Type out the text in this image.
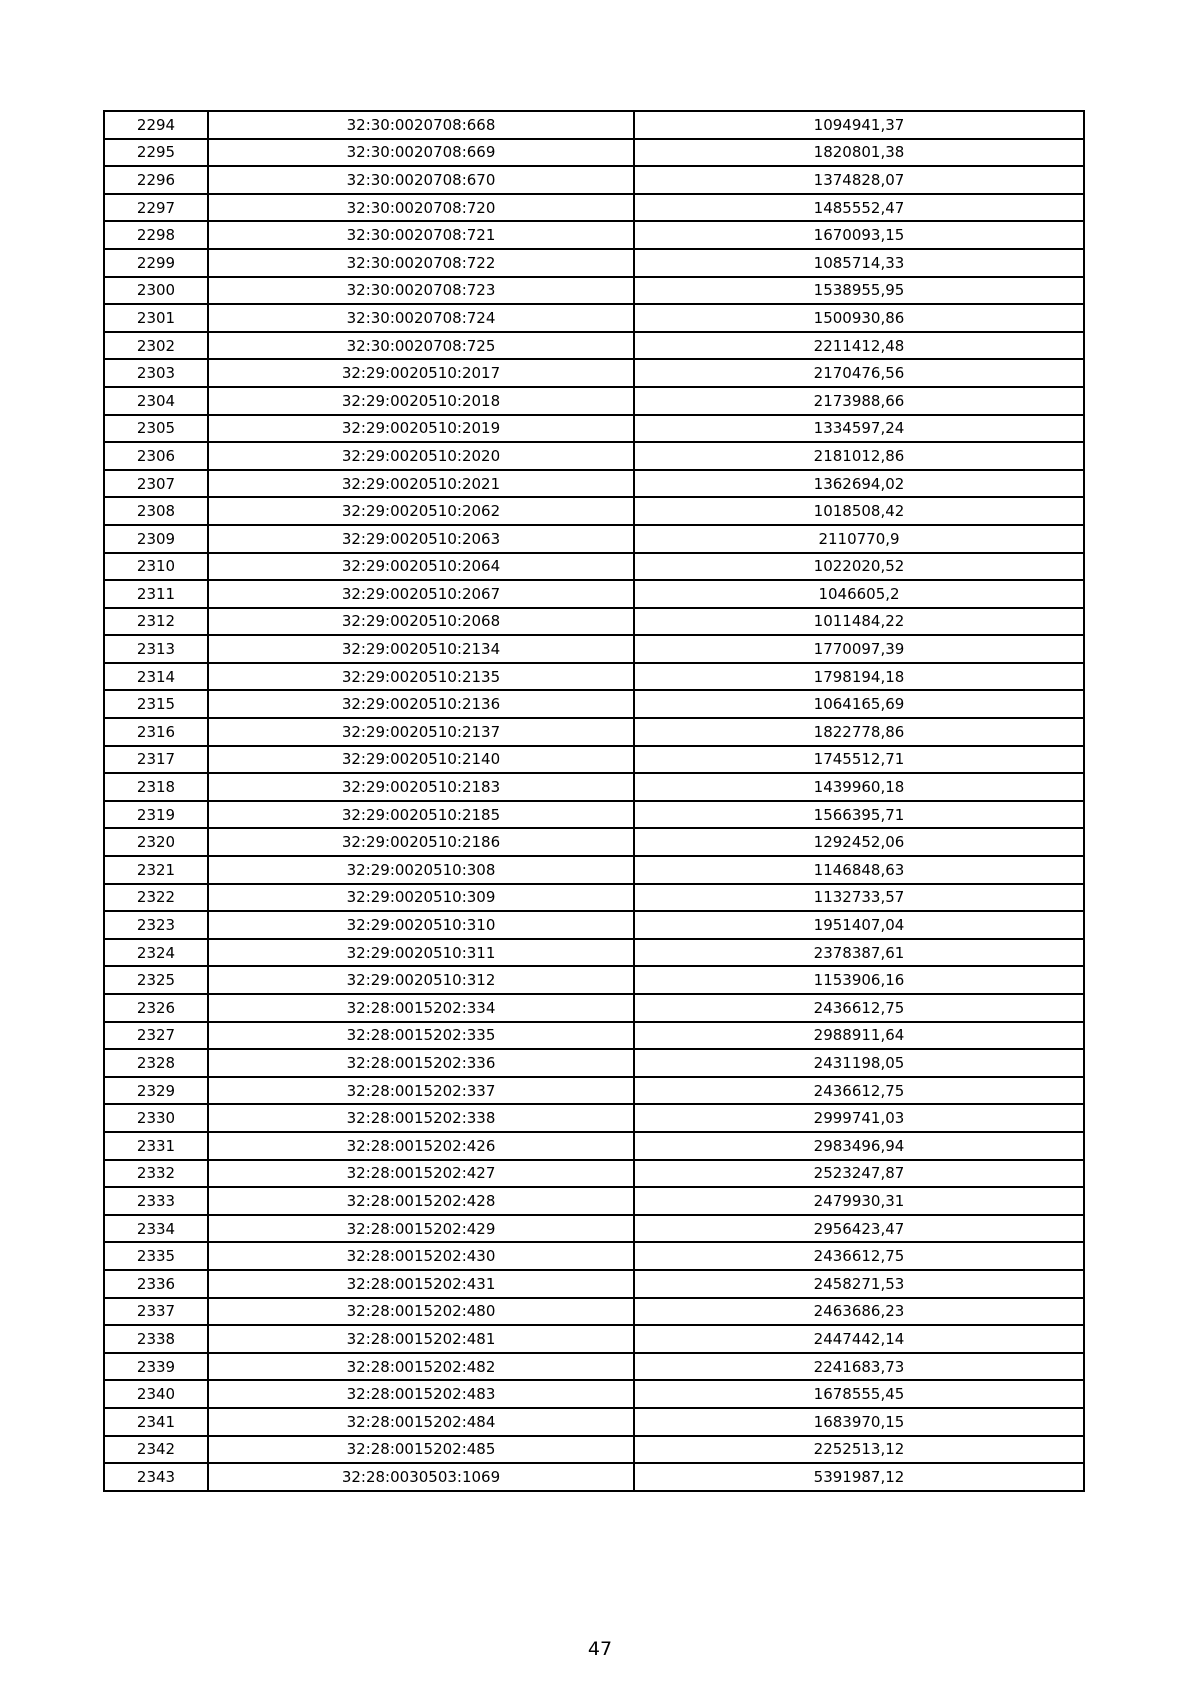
2294	32:30:0020708:668	1094941,37
2295	32:30:0020708:669	1820801,38
2296	32:30:0020708:670	1374828,07
2297	32:30:0020708:720	1485552,47
2298	32:30:0020708:721	1670093,15
2299	32:30:0020708:722	1085714,33
2300	32:30:0020708:723	1538955,95
2301	32:30:0020708:724	1500930,86
2302	32:30:0020708:725	2211412,48
2303	32:29:0020510:2017	2170476,56
2304	32:29:0020510:2018	2173988,66
2305	32:29:0020510:2019	1334597,24
2306	32:29:0020510:2020	2181012,86
2307	32:29:0020510:2021	1362694,02
2308	32:29:0020510:2062	1018508,42
2309	32:29:0020510:2063	2110770,9
2310	32:29:0020510:2064	1022020,52
2311	32:29:0020510:2067	1046605,2
2312	32:29:0020510:2068	1011484,22
2313	32:29:0020510:2134	1770097,39
2314	32:29:0020510:2135	1798194,18
2315	32:29:0020510:2136	1064165,69
2316	32:29:0020510:2137	1822778,86
2317	32:29:0020510:2140	1745512,71
2318	32:29:0020510:2183	1439960,18
2319	32:29:0020510:2185	1566395,71
2320	32:29:0020510:2186	1292452,06
2321	32:29:0020510:308	1146848,63
2322	32:29:0020510:309	1132733,57
2323	32:29:0020510:310	1951407,04
2324	32:29:0020510:311	2378387,61
2325	32:29:0020510:312	1153906,16
2326	32:28:0015202:334	2436612,75
2327	32:28:0015202:335	2988911,64
2328	32:28:0015202:336	2431198,05
2329	32:28:0015202:337	2436612,75
2330	32:28:0015202:338	2999741,03
2331	32:28:0015202:426	2983496,94
2332	32:28:0015202:427	2523247,87
2333	32:28:0015202:428	2479930,31
2334	32:28:0015202:429	2956423,47
2335	32:28:0015202:430	2436612,75
2336	32:28:0015202:431	2458271,53
2337	32:28:0015202:480	2463686,23
2338	32:28:0015202:481	2447442,14
2339	32:28:0015202:482	2241683,73
2340	32:28:0015202:483	1678555,45
2341	32:28:0015202:484	1683970,15
2342	32:28:0015202:485	2252513,12
2343	32:28:0030503:1069	5391987,12
47
